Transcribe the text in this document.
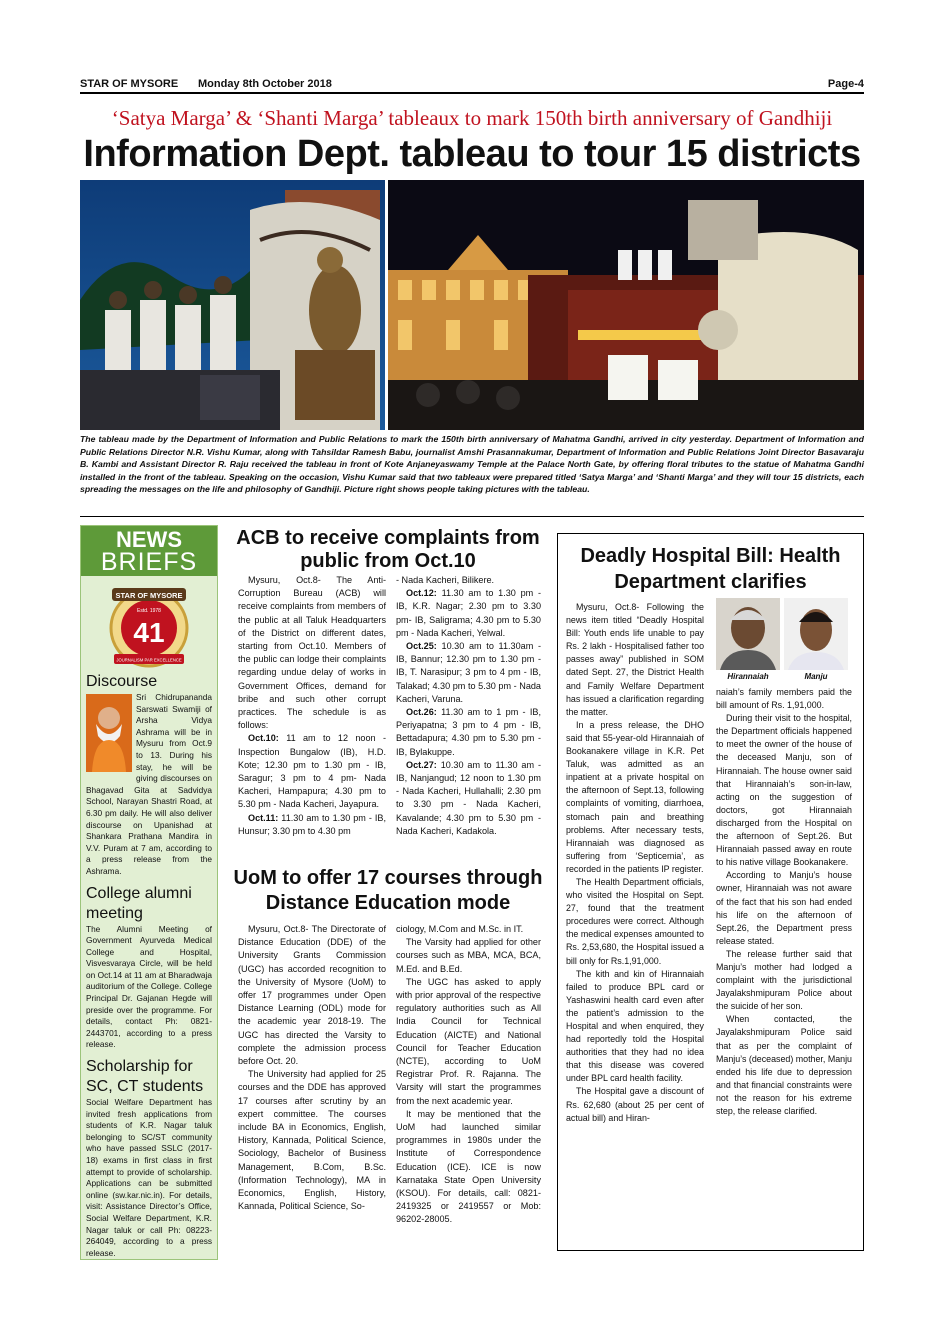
STAR OF MYSORE Monday 8th October 2018	Page-4
‘Satya Marga’ & ‘Shanti Marga’ tableaux to mark 150th birth anniversary of Gandhiji
Information Dept. tableau to tour 15 districts
The tableau made by the Department of Information and Public Relations to mark the 150th birth anniversary of Mahatma Gandhi, arrived in city yesterday. Department of Information and Public Relations Director N.R. Vishu Kumar, along with Tahsildar Ramesh Babu, journalist Amshi Prasannakumar, Department of Information and Public Relations Joint Director Basavaraju B. Kambi and Assistant Director R. Raju received the tableau in front of Kote Anjaneyaswamy Temple at the Palace North Gate, by offering floral tributes to the statue of Mahatma Gandhi installed in the front of the tableau. Speaking on the occasion, Vishu Kumar said that two tableaux were prepared titled ‘Satya Marga’ and ‘Shanti Marga’ and they will tour 15 districts, each spreading the messages on the life and philosophy of Gandhiji. Picture right shows people taking pictures with the tableau.
NEWS
BRIEFS
STAR OF MYSORE
Estd. 1978
41
JOURNALISM PAR EXCELLENCE
Discourse
Sri Chidrupananda Sarswati Swamiji of Arsha Vidya Ashrama will be in Mysuru from Oct.9 to 13. During his stay, he will be giving discourses on Bhagavad Gita at Sadvidya School, Narayan Shastri Road, at 6.30 pm daily. He will also deliver discourse on Upanishad at Shankara Prathana Mandira in V.V. Puram at 7 am, according to a press release from the Ashrama.
College alumni meeting
The Alumni Meeting of Government Ayurveda Medical College and Hospital, Visvesvaraya Circle, will be held on Oct.14 at 11 am at Bharadwaja auditorium of the College. College Principal Dr. Gajanan Hegde will preside over the programme. For details, contact Ph: 0821-2443701, according to a press release.
Scholarship for SC, CT students
Social Welfare Department has invited fresh applications from students of K.R. Nagar taluk belonging to SC/ST community who have passed SSLC (2017-18) exams in first class in first attempt to provide of scholarship. Applications can be submitted online (sw.kar.nic.in). For details, visit: Assistance Director’s Office, Social Welfare Department, K.R. Nagar taluk or call Ph: 08223-264049, according to a press release.
ACB to receive complaints from public from Oct.10

Mysuru, Oct.8- The Anti-Corruption Bureau (ACB) will receive complaints from members of the public at all Taluk Headquarters of the District on different dates, starting from Oct.10. Members of the public can lodge their complaints regarding undue delay of works in Government Offices, demand for bribe and such other corrupt practices. The schedule is as follows:

Oct.10: 11 am to 12 noon - Inspection Bungalow (IB), H.D. Kote; 12.30 pm to 1.30 pm - IB, Saragur; 3 pm to 4 pm- Nada Kacheri, Hampapura; 4.30 pm to 5.30 pm - Nada Kacheri, Jayapura.

Oct.11: 11.30 am to 1.30 pm - IB, Hunsur; 3.30 pm to 4.30 pm

- Nada Kacheri, Bilikere.

Oct.12: 11.30 am to 1.30 pm - IB, K.R. Nagar; 2.30 pm to 3.30 pm- IB, Saligrama; 4.30 pm to 5.30 pm - Nada Kacheri, Yelwal.

Oct.25: 10.30 am to 11.30am - IB, Bannur; 12.30 pm to 1.30 pm - IB, T. Narasipur; 3 pm to 4 pm - IB, Talakad; 4.30 pm to 5.30 pm - Nada Kacheri, Varuna.

Oct.26: 11.30 am to 1 pm - IB, Periyapatna; 3 pm to 4 pm - IB, Bettadapura; 4.30 pm to 5.30 pm - IB, Bylakuppe.

Oct.27: 10.30 am to 11.30 am - IB, Nanjangud; 12 noon to 1.30 pm - Nada Kacheri, Hullahalli; 2.30 pm to 3.30 pm - Nada Kacheri, Kavalande; 4.30 pm to 5.30 pm - Nada Kacheri, Kadakola.

UoM to offer 17 courses through Distance Education mode

Mysuru, Oct.8- The Directorate of Distance Education (DDE) of the University Grants Commission (UGC) has accorded recognition to the University of Mysore (UoM) to offer 17 programmes under Open Distance Learning (ODL) mode for the academic year 2018-19. The UGC has directed the Varsity to complete the admission process before Oct. 20.

The University had applied for 25 courses and the DDE has approved 17 courses after scrutiny by an expert committee. The courses include BA in Economics, English, History, Kannada, Political Science, Sociology, Bachelor of Business Management, B.Com, B.Sc. (Information Technology), MA in Economics, English, History, Kannada, Political Science, So-

ciology, M.Com and M.Sc. in IT.

The Varsity had applied for other courses such as MBA, MCA, BCA, M.Ed. and B.Ed.

The UGC has asked to apply with prior approval of the respective regulatory authorities such as All India Council for Technical Education (AICTE) and National Council for Teacher Education (NCTE), according to UoM Registrar Prof. R. Rajanna. The Varsity will start the programmes from the next academic year.

It may be mentioned that the UoM had launched similar programmes in 1980s under the Institute of Correspondence Education (ICE). ICE is now Karnataka State Open University (KSOU). For details, call: 0821-2419325 or 2419557 or Mob: 96202-28005.

Deadly Hospital Bill: Health
Department clarifies
Hirannaiah	Manju

Mysuru, Oct.8- Following the news item titled “Deadly Hospital Bill: Youth ends life unable to pay Rs. 2 lakh - Hospitalised father too passes away” published in SOM dated Sept. 27, the District Health and Family Welfare Department has issued a clarification regarding the matter.

In a press release, the DHO said that 55-year-old Hirannaiah of Bookanakere village in K.R. Pet Taluk, was admitted as an inpatient at a private hospital on the afternoon of Sept.13, following complaints of vomiting, diarrhoea, stomach pain and breathing problems. After necessary tests, Hirannaiah was diagnosed as suffering from ‘Septicemia’, as recorded in the patients IP register.

The Health Department officials, who visited the Hospital on Sept. 27, found that the treatment procedures were correct. Although the medical expenses amounted to Rs. 2,53,680, the Hospital issued a bill only for Rs.1,91,000.

The kith and kin of Hirannaiah failed to produce BPL card or Yashaswini health card even after the patient’s admission to the Hospital and when enquired, they had reportedly told the Hospital authorities that they had no idea that this disease was covered under BPL card health facility.

The Hospital gave a discount of Rs. 62,680 (about 25 per cent of actual bill) and Hiran-

naiah’s family members paid the bill amount of Rs. 1,91,000.

During their visit to the hospital, the Department officials happened to meet the owner of the house of the deceased Manju, son of Hirannaiah. The house owner said that Hirannaiah’s son-in-law, acting on the suggestion of doctors, got Hirannaiah discharged from the Hospital on the afternoon of Sept.26. But Hirannaiah passed away en route to his native village Bookanakere.

According to Manju’s house owner, Hirannaiah was not aware of the fact that his son had ended his life on the afternoon of Sept.26, the Department press release stated.

The release further said that Manju’s mother had lodged a complaint with the jurisdictional Jayalakshmipuram Police about the suicide of her son.

When contacted, the Jayalakshmipuram Police said that as per the complaint of Manju’s (deceased) mother, Manju ended his life due to depression and that financial constraints were not the reason for his extreme step, the release clarified.
